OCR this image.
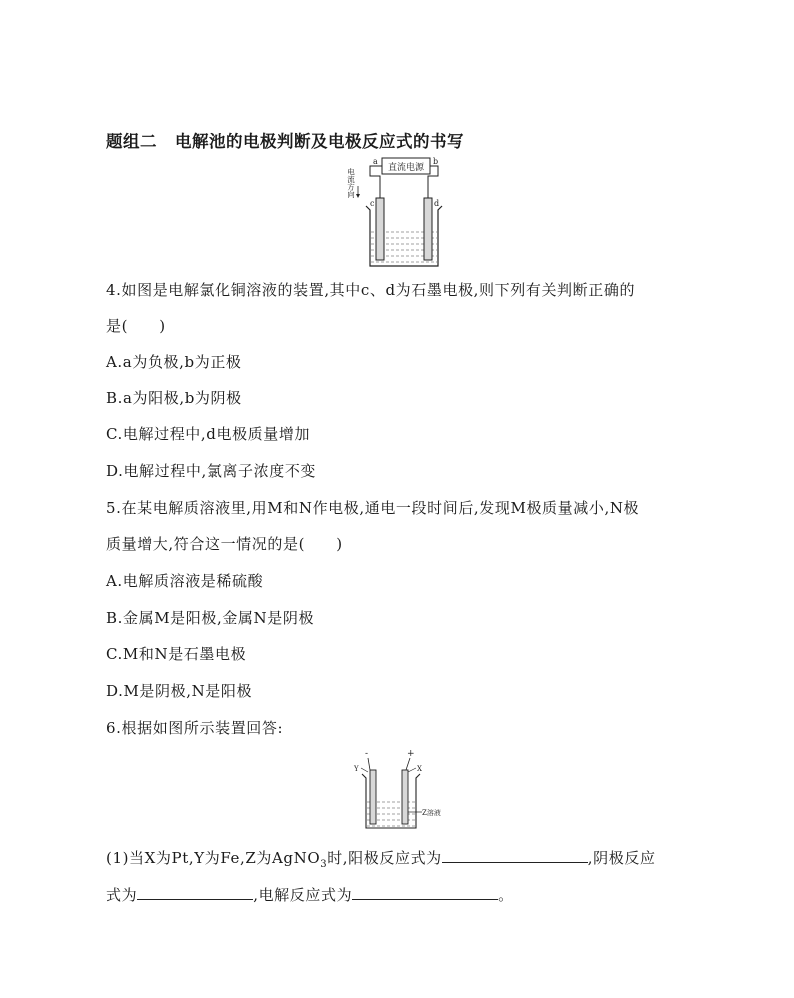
题组二 电解池的电极判断及电极反应式的书写
直流电源
a	b
电流方向
c	d
4.如图是电解氯化铜溶液的装置,其中c、d为石墨电极,则下列有关判断正确的
是(　　)
A.a为负极,b为正极
B.a为阳极,b为阴极
C.电解过程中,d电极质量增加
D.电解过程中,氯离子浓度不变
5.在某电解质溶液里,用M和N作电极,通电一段时间后,发现M极质量减小,N极
质量增大,符合这一情况的是(　　)
A.电解质溶液是稀硫酸
B.金属M是阳极,金属N是阴极
C.M和N是石墨电极
D.M是阴极,N是阳极
6.根据如图所示装置回答:
-	+
Y	X
Z溶液
(1)当X为Pt,Y为Fe,Z为AgNO$_3$时,阳极反应式为	,阴极反应
式为	,电解反应式为	。
